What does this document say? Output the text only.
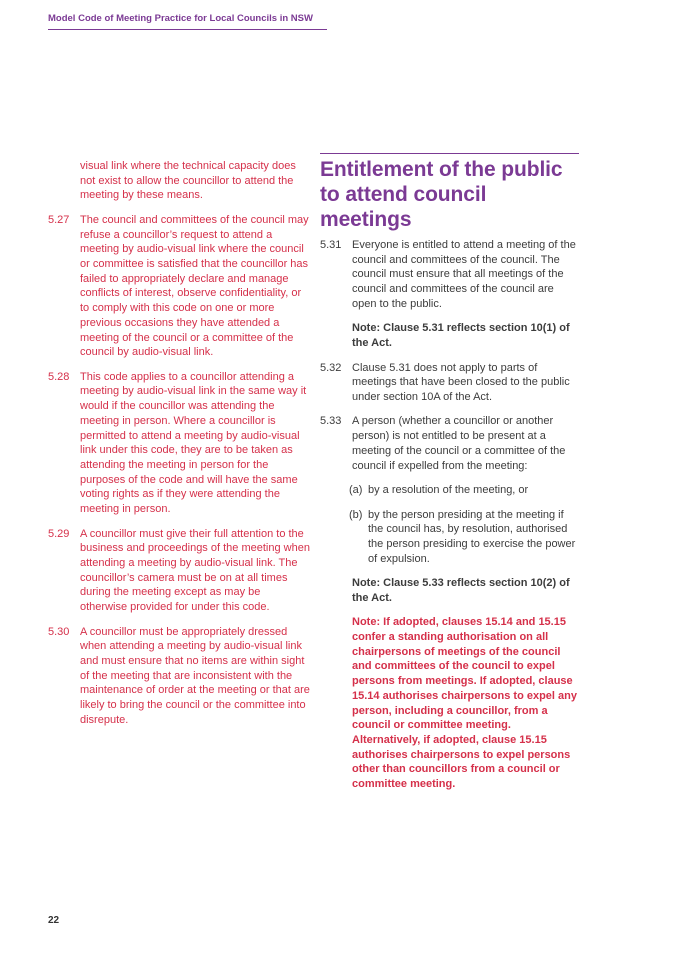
Model Code of Meeting Practice for Local Councils in NSW

visual link where the technical capacity does not exist to allow the councillor to attend the meeting by these means.

5.27 The council and committees of the council may refuse a councillor’s request to attend a meeting by audio-visual link where the council or committee is satisfied that the councillor has failed to appropriately declare and manage conflicts of interest, observe confidentiality, or to comply with this code on one or more previous occasions they have attended a meeting of the council or a committee of the council by audio-visual link.
5.28 This code applies to a councillor attending a meeting by audio-visual link in the same way it would if the councillor was attending the meeting in person. Where a councillor is permitted to attend a meeting by audio-visual link under this code, they are to be taken as attending the meeting in person for the purposes of the code and will have the same voting rights as if they were attending the meeting in person.
5.29 A councillor must give their full attention to the business and proceedings of the meeting when attending a meeting by audio-visual link. The councillor’s camera must be on at all times during the meeting except as may be otherwise provided for under this code.
5.30 A councillor must be appropriately dressed when attending a meeting by audio-visual link and must ensure that no items are within sight of the meeting that are inconsistent with the maintenance of order at the meeting or that are likely to bring the council or the committee into disrepute.
Entitlement of the public to attend council meetings
5.31 Everyone is entitled to attend a meeting of the council and committees of the council. The council must ensure that all meetings of the council and committees of the council are open to the public.

Note: Clause 5.31 reflects section 10(1) of the Act.

5.32 Clause 5.31 does not apply to parts of meetings that have been closed to the public under section 10A of the Act.
5.33 A person (whether a councillor or another person) is not entitled to be present at a meeting of the council or a committee of the council if expelled from the meeting:
(a) by a resolution of the meeting, or
(b) by the person presiding at the meeting if the council has, by resolution, authorised the person presiding to exercise the power of expulsion.

Note: Clause 5.33 reflects section 10(2) of the Act.

Note: If adopted, clauses 15.14 and 15.15 confer a standing authorisation on all chairpersons of meetings of the council and committees of the council to expel persons from meetings. If adopted, clause 15.14 authorises chairpersons to expel any person, including a councillor, from a council or committee meeting. Alternatively, if adopted, clause 15.15 authorises chairpersons to expel persons other than councillors from a council or committee meeting.

22
